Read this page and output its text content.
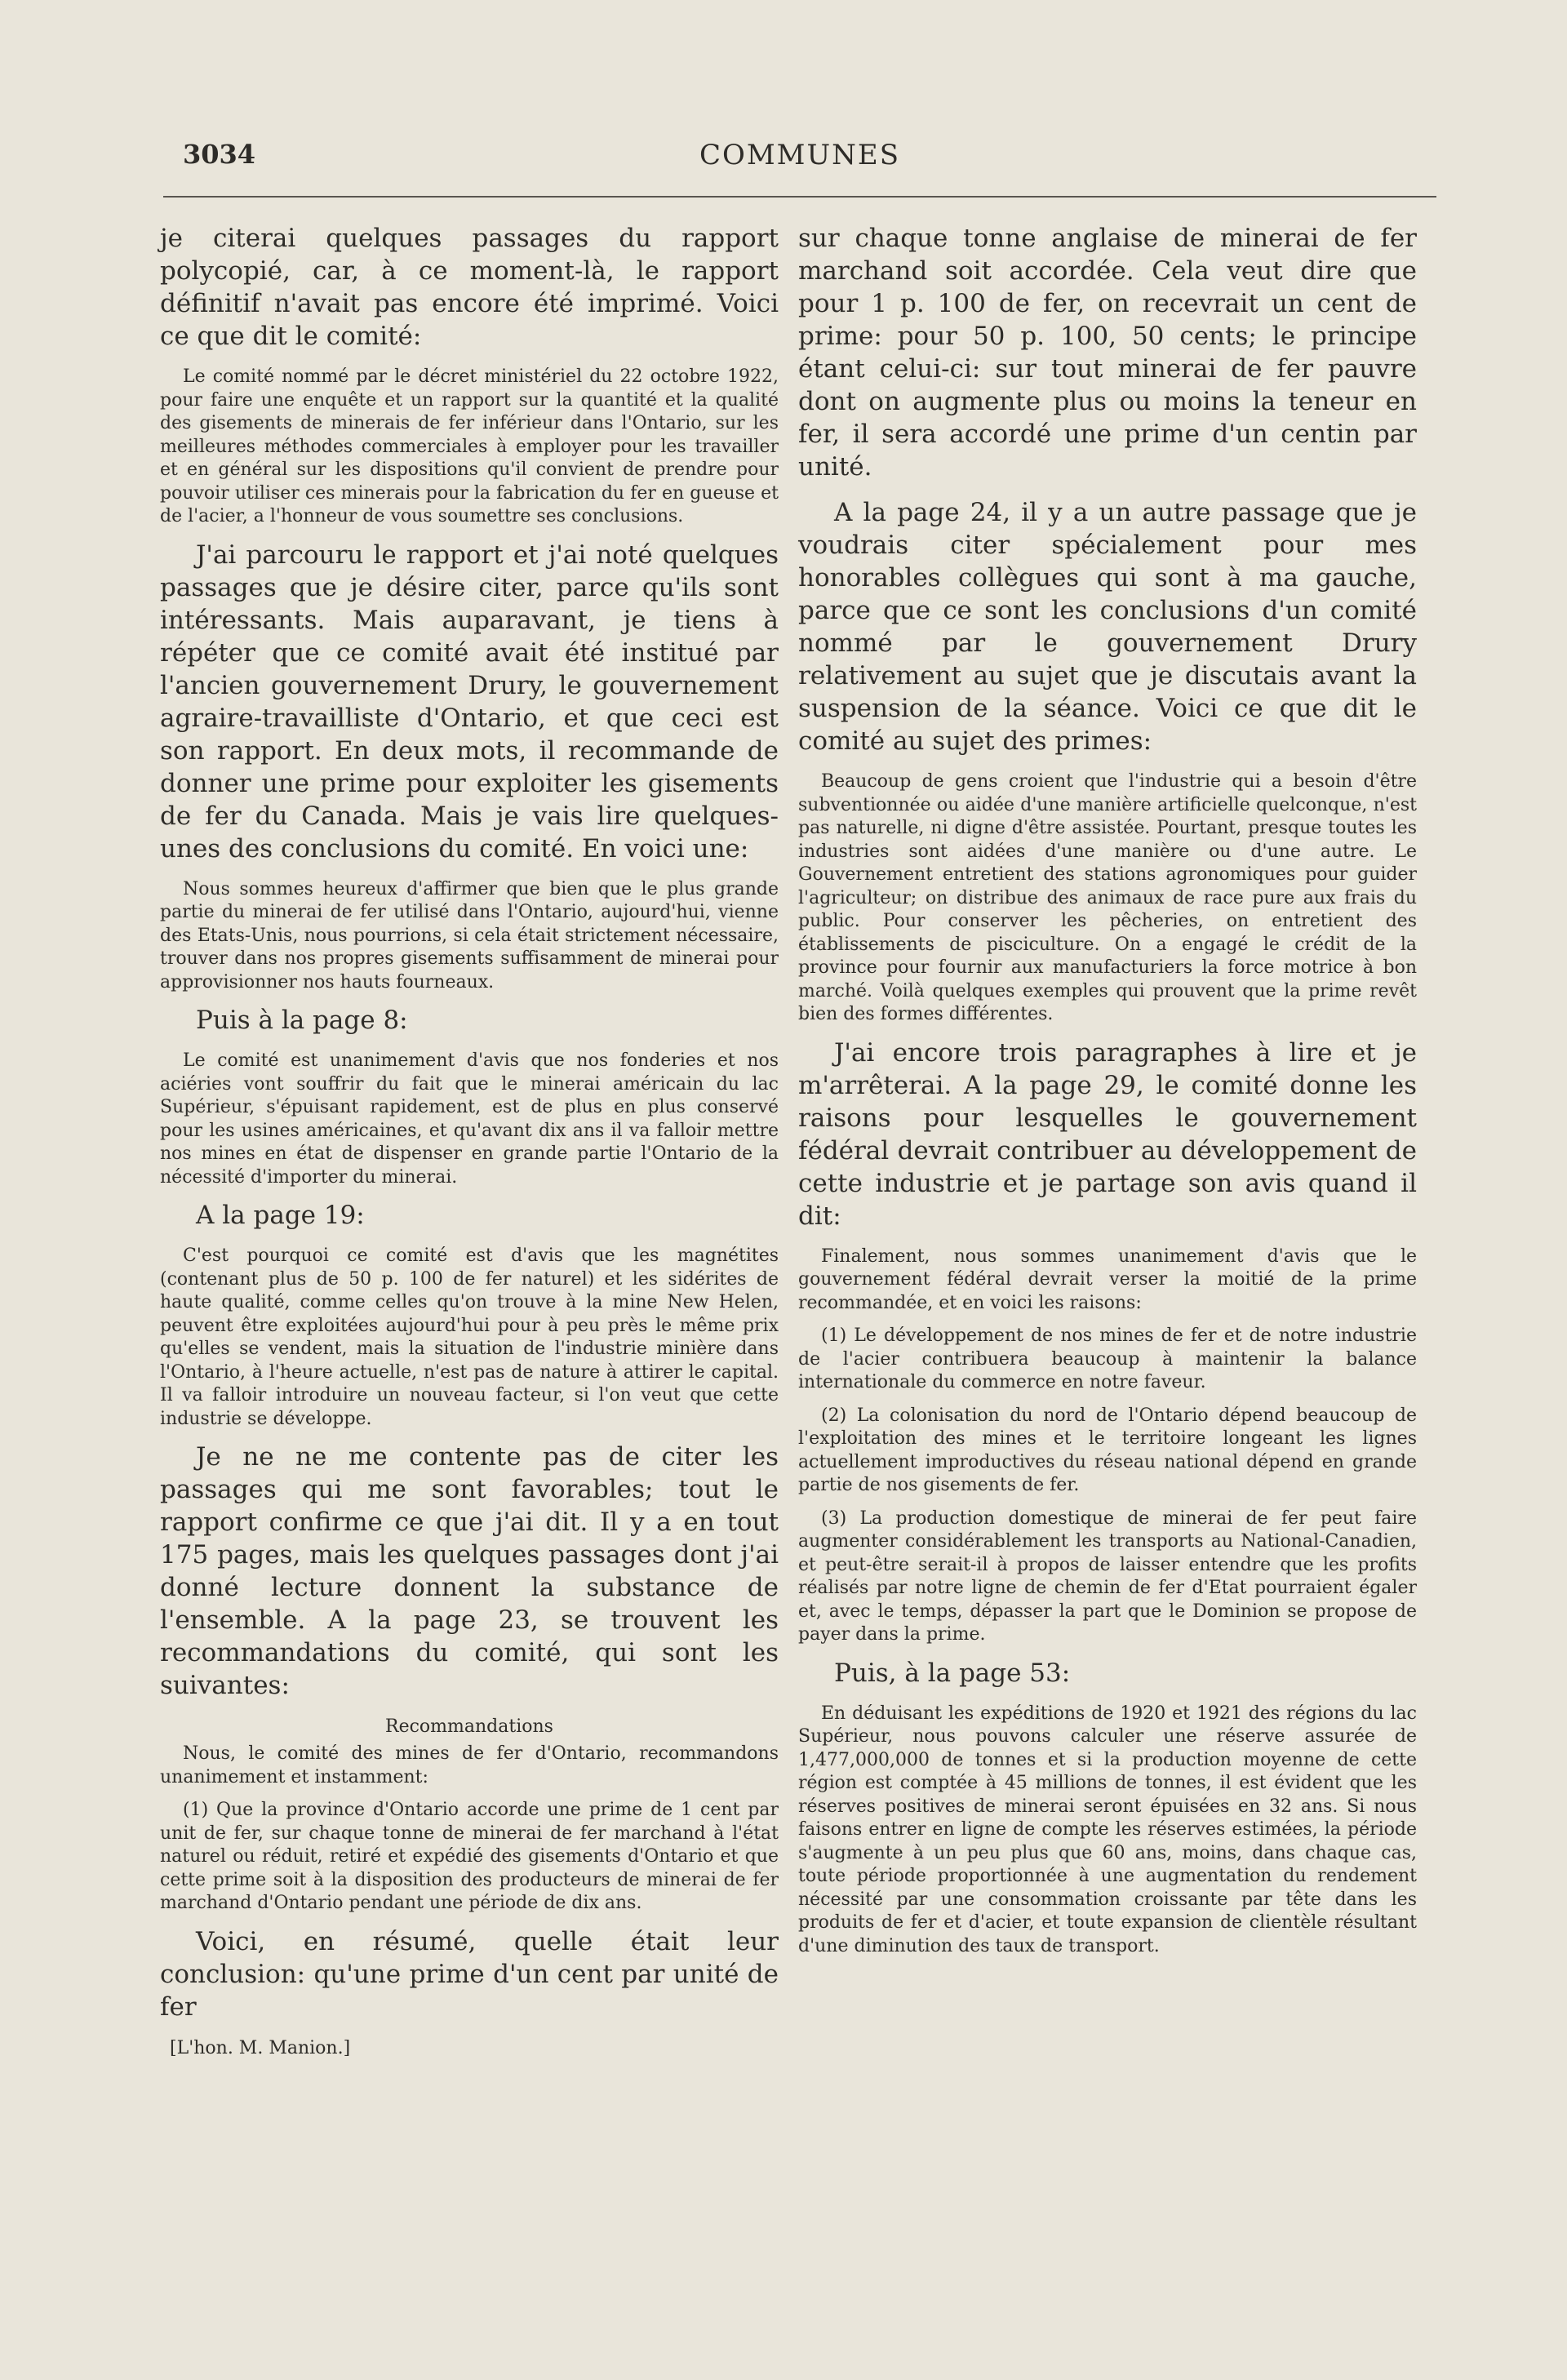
3034	COMMUNES

je citerai quelques passages du rapport polycopié, car, à ce moment-là, le rapport définitif n'avait pas encore été imprimé. Voici ce que dit le comité:

Le comité nommé par le décret ministériel du 22 octobre 1922, pour faire une enquête et un rapport sur la quantité et la qualité des gisements de minerais de fer inférieur dans l'Ontario, sur les meilleures méthodes commerciales à employer pour les travailler et en général sur les dispositions qu'il convient de prendre pour pouvoir utiliser ces minerais pour la fabrication du fer en gueuse et de l'acier, a l'honneur de vous soumettre ses conclusions.

J'ai parcouru le rapport et j'ai noté quelques passages que je désire citer, parce qu'ils sont intéressants. Mais auparavant, je tiens à répéter que ce comité avait été institué par l'ancien gouvernement Drury, le gouvernement agraire-travailliste d'Ontario, et que ceci est son rapport. En deux mots, il recommande de donner une prime pour exploiter les gisements de fer du Canada. Mais je vais lire quelques-unes des conclusions du comité. En voici une:

Nous sommes heureux d'affirmer que bien que le plus grande partie du minerai de fer utilisé dans l'Ontario, aujourd'hui, vienne des Etats-Unis, nous pourrions, si cela était strictement nécessaire, trouver dans nos propres gisements suffisamment de minerai pour approvisionner nos hauts fourneaux.

Puis à la page 8:

Le comité est unanimement d'avis que nos fonderies et nos aciéries vont souffrir du fait que le minerai américain du lac Supérieur, s'épuisant rapidement, est de plus en plus conservé pour les usines américaines, et qu'avant dix ans il va falloir mettre nos mines en état de dispenser en grande partie l'Ontario de la nécessité d'importer du minerai.

A la page 19:

C'est pourquoi ce comité est d'avis que les magnétites (contenant plus de 50 p. 100 de fer naturel) et les sidérites de haute qualité, comme celles qu'on trouve à la mine New Helen, peuvent être exploitées aujourd'hui pour à peu près le même prix qu'elles se vendent, mais la situation de l'industrie minière dans l'Ontario, à l'heure actuelle, n'est pas de nature à attirer le capital. Il va falloir introduire un nouveau facteur, si l'on veut que cette industrie se développe.

Je ne ne me contente pas de citer les passages qui me sont favorables; tout le rapport confirme ce que j'ai dit. Il y a en tout 175 pages, mais les quelques passages dont j'ai donné lecture donnent la substance de l'ensemble. A la page 23, se trouvent les recommandations du comité, qui sont les suivantes:

Recommandations

Nous, le comité des mines de fer d'Ontario, recommandons unanimement et instamment:

(1) Que la province d'Ontario accorde une prime de 1 cent par unit de fer, sur chaque tonne de minerai de fer marchand à l'état naturel ou réduit, retiré et expédié des gisements d'Ontario et que cette prime soit à la disposition des producteurs de minerai de fer marchand d'Ontario pendant une période de dix ans.

Voici, en résumé, quelle était leur conclusion: qu'une prime d'un cent par unité de fer

[L'hon. M. Manion.]

sur chaque tonne anglaise de minerai de fer marchand soit accordée. Cela veut dire que pour 1 p. 100 de fer, on recevrait un cent de prime: pour 50 p. 100, 50 cents; le principe étant celui-ci: sur tout minerai de fer pauvre dont on augmente plus ou moins la teneur en fer, il sera accordé une prime d'un centin par unité.

A la page 24, il y a un autre passage que je voudrais citer spécialement pour mes honorables collègues qui sont à ma gauche, parce que ce sont les conclusions d'un comité nommé par le gouvernement Drury relativement au sujet que je discutais avant la suspension de la séance. Voici ce que dit le comité au sujet des primes:

Beaucoup de gens croient que l'industrie qui a besoin d'être subventionnée ou aidée d'une manière artificielle quelconque, n'est pas naturelle, ni digne d'être assistée. Pourtant, presque toutes les industries sont aidées d'une manière ou d'une autre. Le Gouvernement entretient des stations agronomiques pour guider l'agriculteur; on distribue des animaux de race pure aux frais du public. Pour conserver les pêcheries, on entretient des établissements de pisciculture. On a engagé le crédit de la province pour fournir aux manufacturiers la force motrice à bon marché. Voilà quelques exemples qui prouvent que la prime revêt bien des formes différentes.

J'ai encore trois paragraphes à lire et je m'arrêterai. A la page 29, le comité donne les raisons pour lesquelles le gouvernement fédéral devrait contribuer au développement de cette industrie et je partage son avis quand il dit:

Finalement, nous sommes unanimement d'avis que le gouvernement fédéral devrait verser la moitié de la prime recommandée, et en voici les raisons:

(1) Le développement de nos mines de fer et de notre industrie de l'acier contribuera beaucoup à maintenir la balance internationale du commerce en notre faveur.

(2) La colonisation du nord de l'Ontario dépend beaucoup de l'exploitation des mines et le territoire longeant les lignes actuellement improductives du réseau national dépend en grande partie de nos gisements de fer.

(3) La production domestique de minerai de fer peut faire augmenter considérablement les transports au National-Canadien, et peut-être serait-il à propos de laisser entendre que les profits réalisés par notre ligne de chemin de fer d'Etat pourraient égaler et, avec le temps, dépasser la part que le Dominion se propose de payer dans la prime.

Puis, à la page 53:

En déduisant les expéditions de 1920 et 1921 des régions du lac Supérieur, nous pouvons calculer une réserve assurée de 1,477,000,000 de tonnes et si la production moyenne de cette région est comptée à 45 millions de tonnes, il est évident que les réserves positives de minerai seront épuisées en 32 ans. Si nous faisons entrer en ligne de compte les réserves estimées, la période s'augmente à un peu plus que 60 ans, moins, dans chaque cas, toute période proportionnée à une augmentation du rendement nécessité par une consommation croissante par tête dans les produits de fer et d'acier, et toute expansion de clientèle résultant d'une diminution des taux de transport.
